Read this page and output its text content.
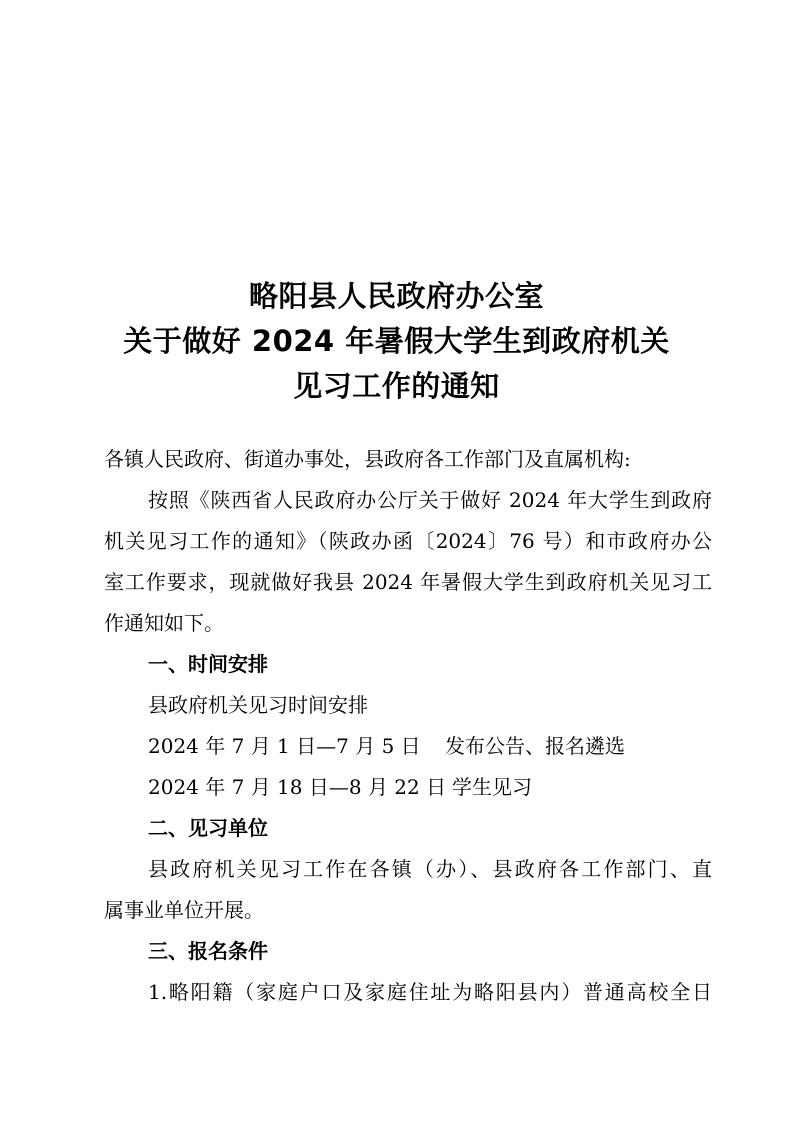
略阳县人民政府办公室
关于做好 2024 年暑假大学生到政府机关
见习工作的通知
各镇人民政府、街道办事处，县政府各工作部门及直属机构:
按照《陕西省人民政府办公厅关于做好 2024 年大学生到政府
机关见习工作的通知》（陕政办函〔2024〕76 号）和市政府办公
室工作要求，现就做好我县 2024 年暑假大学生到政府机关见习工
作通知如下。
一、时间安排
县政府机关见习时间安排
2024 年 7 月 1 日—7 月 5 日 发布公告、报名遴选
2024 年 7 月 18 日—8 月 22 日 学生见习
二、见习单位
县政府机关见习工作在各镇（办）、县政府各工作部门、直
属事业单位开展。
三、报名条件
1.略阳籍（家庭户口及家庭住址为略阳县内）普通高校全日
